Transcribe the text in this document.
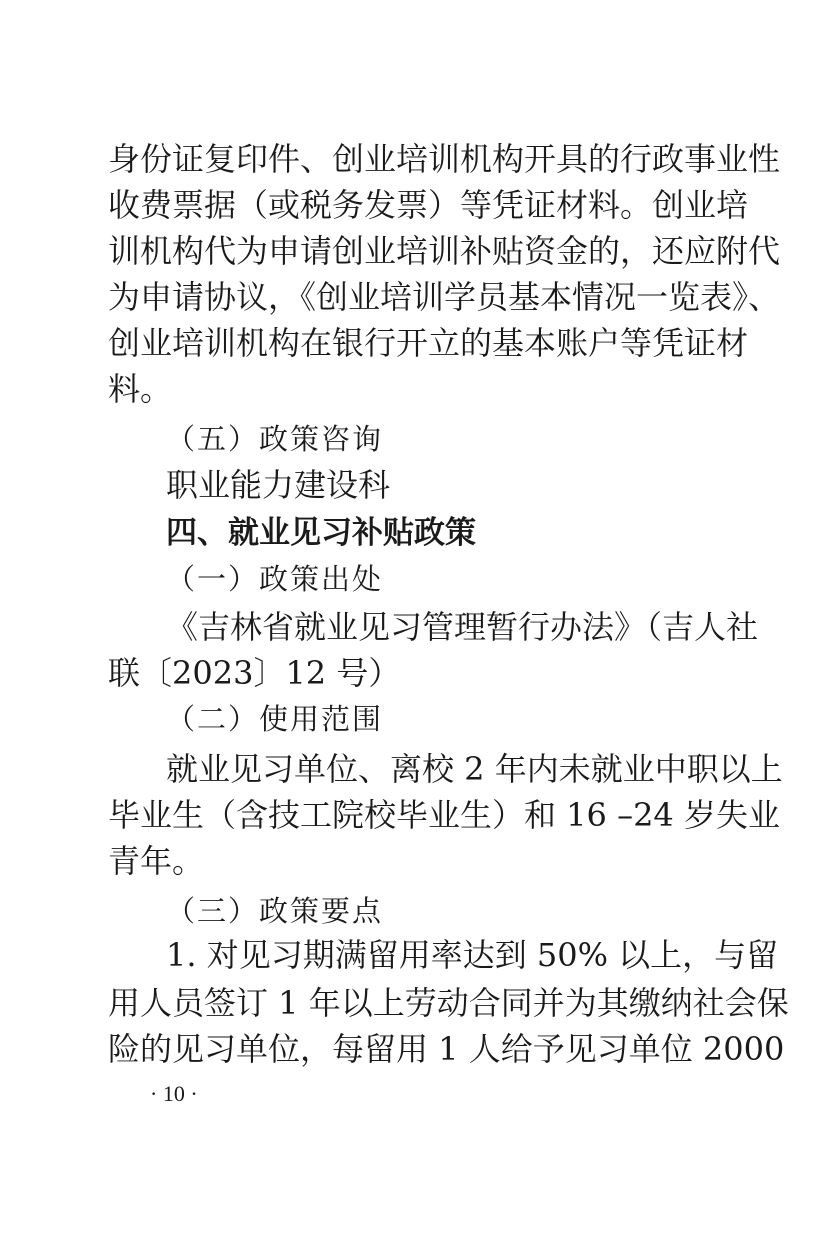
身份证复印件、创业培训机构开具的行政事业性
收费票据（或税务发票）等凭证材料。创业培
训机构代为申请创业培训补贴资金的，还应附代
为申请协议，《创业培训学员基本情况一览表》、
创业培训机构在银行开立的基本账户等凭证材
料。
（五）政策咨询
职业能力建设科
四、就业见习补贴政策
（一）政策出处
《吉林省就业见习管理暂行办法》（吉人社
联〔2023〕12 号）
（二）使用范围
就业见习单位、离校 2 年内未就业中职以上
毕业生（含技工院校毕业生）和 16 –24 岁失业
青年。
（三）政策要点
1. 对见习期满留用率达到 50% 以上，与留
用人员签订 1 年以上劳动合同并为其缴纳社会保
险的见习单位，每留用 1 人给予见习单位 2000
· 10 ·
